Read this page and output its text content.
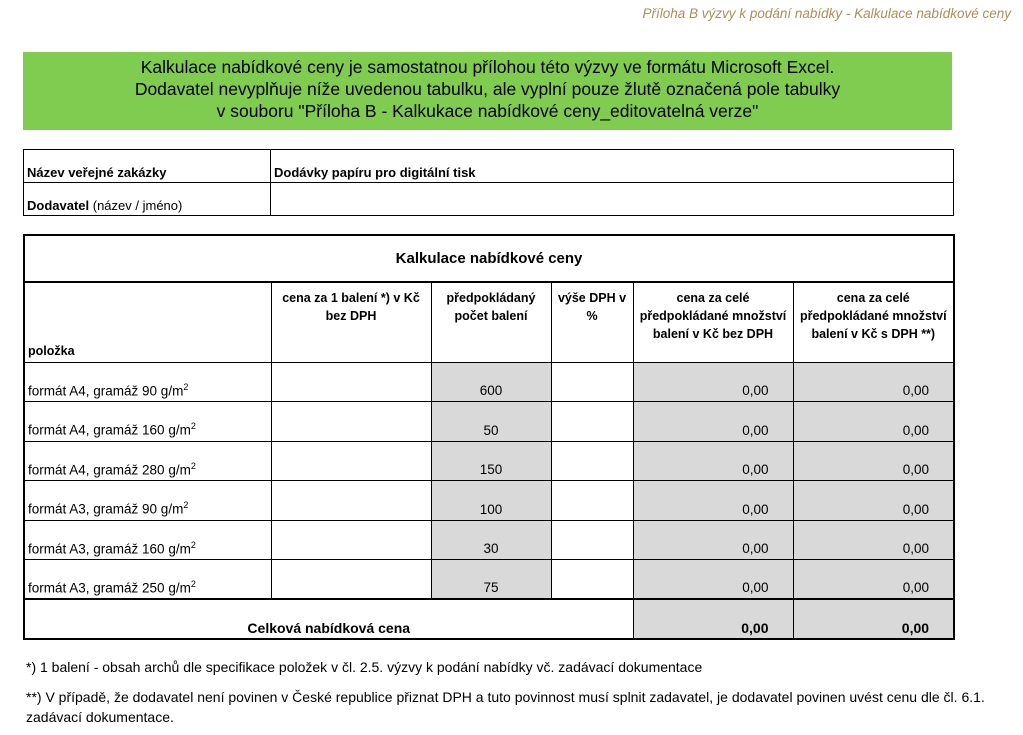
Příloha B výzvy k podání nabídky - Kalkulace nabídkové ceny
Kalkulace nabídkové ceny je samostatnou přílohou této výzvy ve formátu Microsoft Excel.
Dodavatel nevyplňuje níže uvedenou tabulku, ale vyplní pouze žlutě označená pole tabulky
v souboru "Příloha B - Kalkukace nabídkové ceny_editovatelná verze"
Název veřejné zakázky	Dodávky papíru pro digitální tisk
Dodavatel (název / jméno)	
Kalkulace nabídkové ceny					
položka	cena za 1 balení *) v Kč bez DPH	předpokládaný počet balení	výše DPH v %	cena za celé předpokládané množství balení v Kč bez DPH	cena za celé předpokládané množství balení v Kč s DPH **)
formát A4, gramáž 90 $g/m^2$		600		0,00	0,00
formát A4, gramáž 160 $g/m^2$		50		0,00	0,00
formát A4, gramáž 280 $g/m^2$		150		0,00	0,00
formát A3, gramáž 90 $g/m^2$		100		0,00	0,00
formát A3, gramáž 160 $g/m^2$		30		0,00	0,00
formát A3, gramáž 250 $g/m^2$		75		0,00	0,00
Celková nabídková cena				0,00	0,00
*) 1 balení - obsah archů dle specifikace položek v čl. 2.5. výzvy k podání nabídky vč. zadávací dokumentace
**) V případě, že dodavatel není povinen v České republice přiznat DPH a tuto povinnost musí splnit zadavatel, je dodavatel povinen uvést cenu dle čl. 6.1. zadávací dokumentace.
